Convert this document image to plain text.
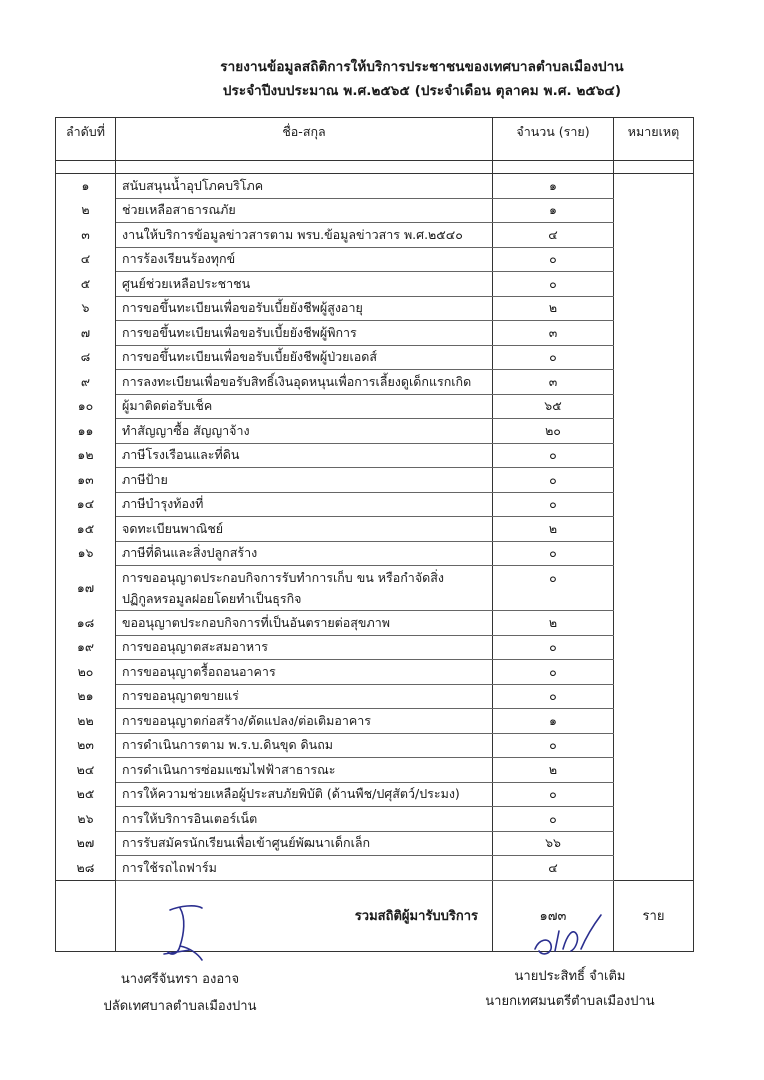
รายงานข้อมูลสถิติการให้บริการประชาชนของเทศบาลตำบลเมืองปาน
ประจำปีงบประมาณ พ.ศ.๒๕๖๕ (ประจำเดือน ตุลาคม พ.ศ. ๒๕๖๔)
ลำดับที่	ชื่อ-สกุล	จำนวน (ราย)	หมายเหตุ

๑	สนับสนุนน้ำอุปโภคบริโภค	๑	
๒	ช่วยเหลือสาธารณภัย	๑	
๓	งานให้บริการข้อมูลข่าวสารตาม พรบ.ข้อมูลข่าวสาร พ.ศ.๒๕๔๐	๔	
๔	การร้องเรียนร้องทุกข์	๐	
๕	ศูนย์ช่วยเหลือประชาชน	๐	
๖	การขอขึ้นทะเบียนเพื่อขอรับเบี้ยยังชีพผู้สูงอายุ	๒	
๗	การขอขึ้นทะเบียนเพื่อขอรับเบี้ยยังชีพผู้พิการ	๓	
๘	การขอขึ้นทะเบียนเพื่อขอรับเบี้ยยังชีพผู้ป่วยเอดส์	๐	
๙	การลงทะเบียนเพื่อขอรับสิทธิ์เงินอุดหนุนเพื่อการเลี้ยงดูเด็กแรกเกิด	๓	
๑๐	ผู้มาติดต่อรับเช็ค	๖๕	
๑๑	ทำสัญญาซื้อ สัญญาจ้าง	๒๐	
๑๒	ภาษีโรงเรือนและที่ดิน	๐	
๑๓	ภาษีป้าย	๐	
๑๔	ภาษีบำรุงท้องที่	๐	
๑๕	จดทะเบียนพาณิชย์	๒	
๑๖	ภาษีที่ดินและสิ่งปลูกสร้าง	๐	
๑๗	การขออนุญาตประกอบกิจการรับทำการเก็บ ขน หรือกำจัดสิ่ง
ปฏิกูลหรอมูลฝอยโดยทำเป็นธุรกิจ	๐	
๑๘	ขออนุญาตประกอบกิจการที่เป็นอันตรายต่อสุขภาพ	๒	
๑๙	การขออนุญาตสะสมอาหาร	๐	
๒๐	การขออนุญาตรื้อถอนอาคาร	๐	
๒๑	การขออนุญาตขายแร่	๐	
๒๒	การขออนุญาตก่อสร้าง/ดัดแปลง/ต่อเติมอาคาร	๑	
๒๓	การดำเนินการตาม พ.ร.บ.ดินขุด ดินถม	๐	
๒๔	การดำเนินการซ่อมแซมไฟฟ้าสาธารณะ	๒	
๒๕	การให้ความช่วยเหลือผู้ประสบภัยพิบัติ (ด้านพืช/ปศุสัตว์/ประมง)	๐	
๒๖	การให้บริการอินเตอร์เน็ต	๐	
๒๗	การรับสมัครนักเรียนเพื่อเข้าศูนย์พัฒนาเด็กเล็ก	๖๖	
๒๘	การใช้รถไถฟาร์ม	๔	
	รวมสถิติผู้มารับบริการ	๑๗๓	ราย
นางศรีจันทรา องอาจ
ปลัดเทศบาลตำบลเมืองปาน
นายประสิทธิ์ จำเติม
นายกเทศมนตรีตำบลเมืองปาน
